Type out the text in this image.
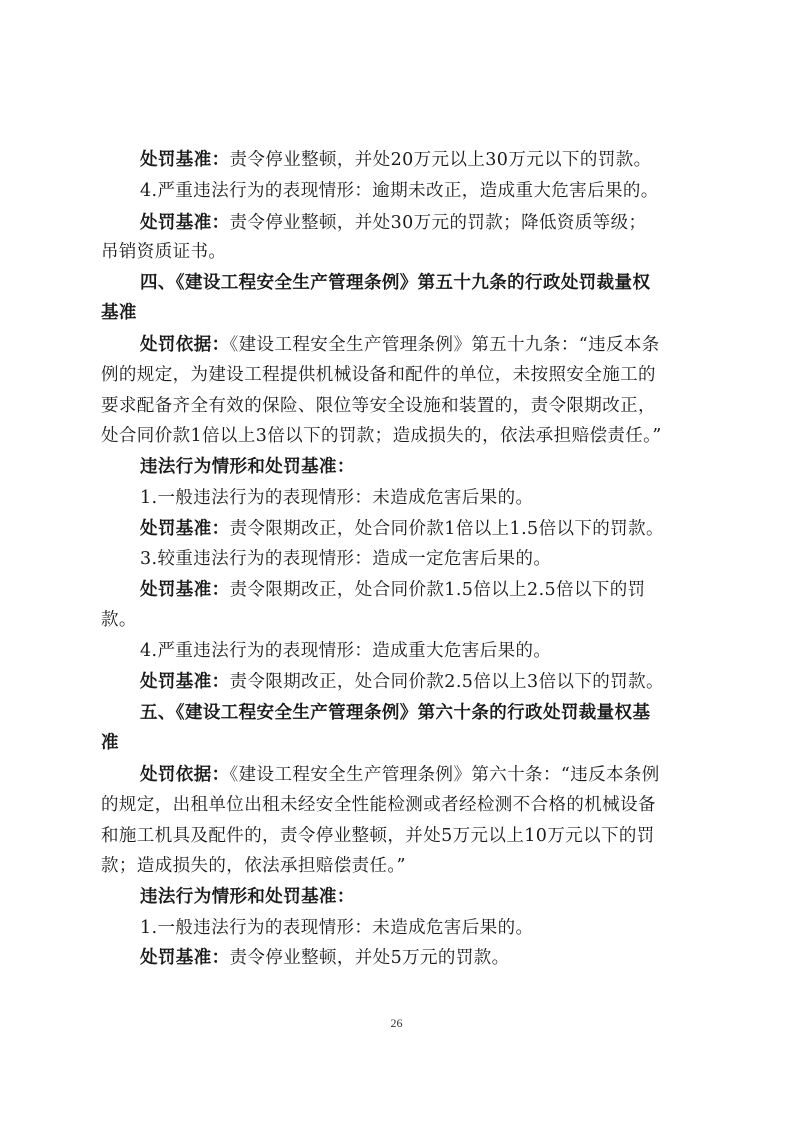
处罚基准：责令停业整顿，并处20万元以上30万元以下的罚款。
4.严重违法行为的表现情形：逾期未改正，造成重大危害后果的。
处罚基准：责令停业整顿，并处30万元的罚款；降低资质等级；
吊销资质证书。
四、《建设工程安全生产管理条例》第五十九条的行政处罚裁量权
基准
处罚依据：《建设工程安全生产管理条例》第五十九条：“违反本条
例的规定，为建设工程提供机械设备和配件的单位，未按照安全施工的
要求配备齐全有效的保险、限位等安全设施和装置的，责令限期改正，
处合同价款1倍以上3倍以下的罚款；造成损失的，依法承担赔偿责任。”
违法行为情形和处罚基准：
1.一般违法行为的表现情形：未造成危害后果的。
处罚基准：责令限期改正，处合同价款1倍以上1.5倍以下的罚款。
3.较重违法行为的表现情形：造成一定危害后果的。
处罚基准：责令限期改正，处合同价款1.5倍以上2.5倍以下的罚
款。
4.严重违法行为的表现情形：造成重大危害后果的。
处罚基准：责令限期改正，处合同价款2.5倍以上3倍以下的罚款。
五、《建设工程安全生产管理条例》第六十条的行政处罚裁量权基
准
处罚依据：《建设工程安全生产管理条例》第六十条：“违反本条例
的规定，出租单位出租未经安全性能检测或者经检测不合格的机械设备
和施工机具及配件的，责令停业整顿，并处5万元以上10万元以下的罚
款；造成损失的，依法承担赔偿责任。”
违法行为情形和处罚基准：
1.一般违法行为的表现情形：未造成危害后果的。
处罚基准：责令停业整顿，并处5万元的罚款。
26
